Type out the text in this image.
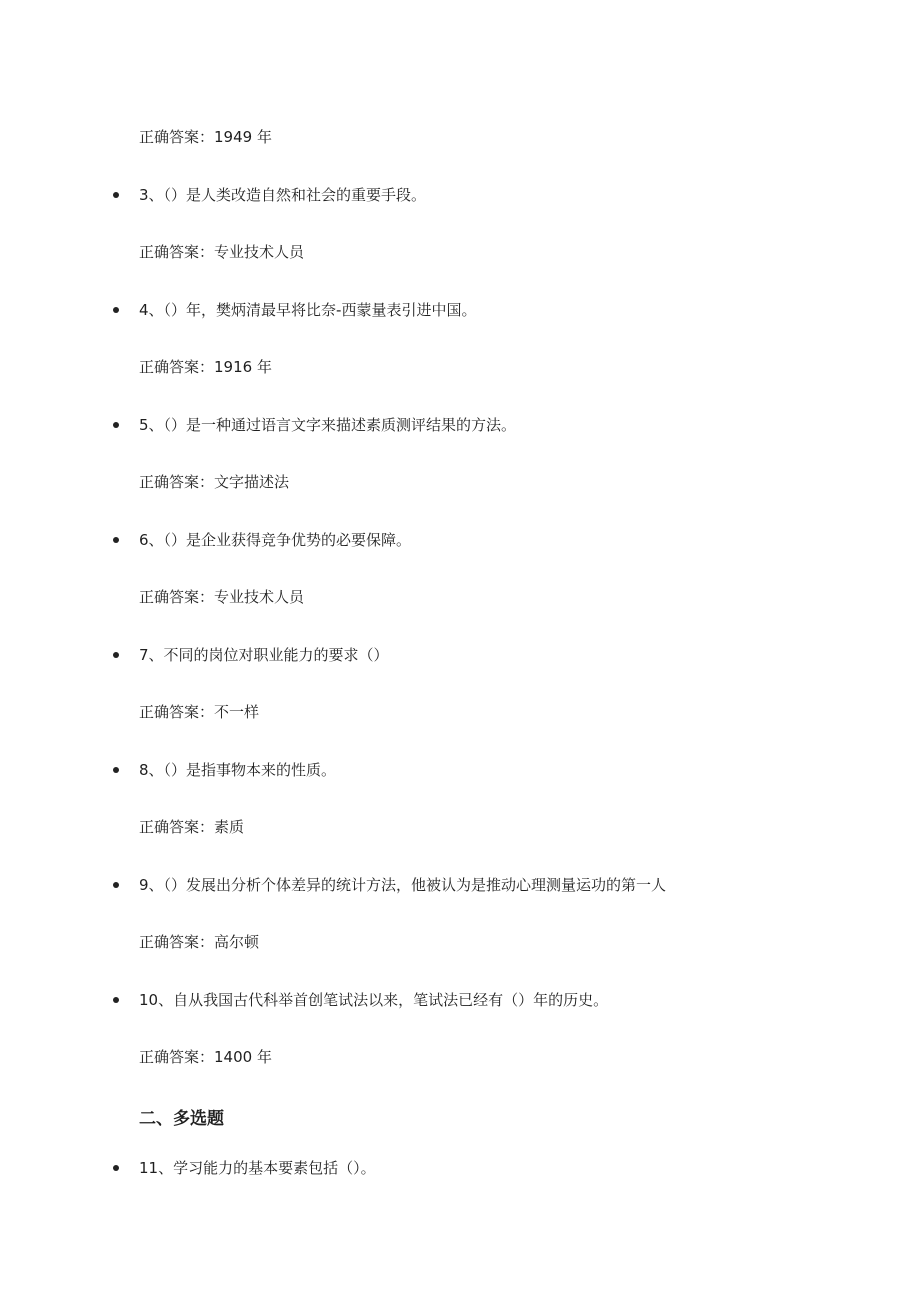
正确答案：1949 年
3、（）是人类改造自然和社会的重要手段。
正确答案：专业技术人员
4、（）年，樊炳清最早将比奈-西蒙量表引进中国。
正确答案：1916 年
5、（）是一种通过语言文字来描述素质测评结果的方法。
正确答案：文字描述法
6、（）是企业获得竞争优势的必要保障。
正确答案：专业技术人员
7、不同的岗位对职业能力的要求（）
正确答案：不一样
8、（）是指事物本来的性质。
正确答案：素质
9、（）发展出分析个体差异的统计方法，他被认为是推动心理测量运功的第一人
正确答案：高尔顿
10、自从我国古代科举首创笔试法以来，笔试法已经有（）年的历史。
正确答案：1400 年
二、多选题
11、学习能力的基本要素包括（）。
